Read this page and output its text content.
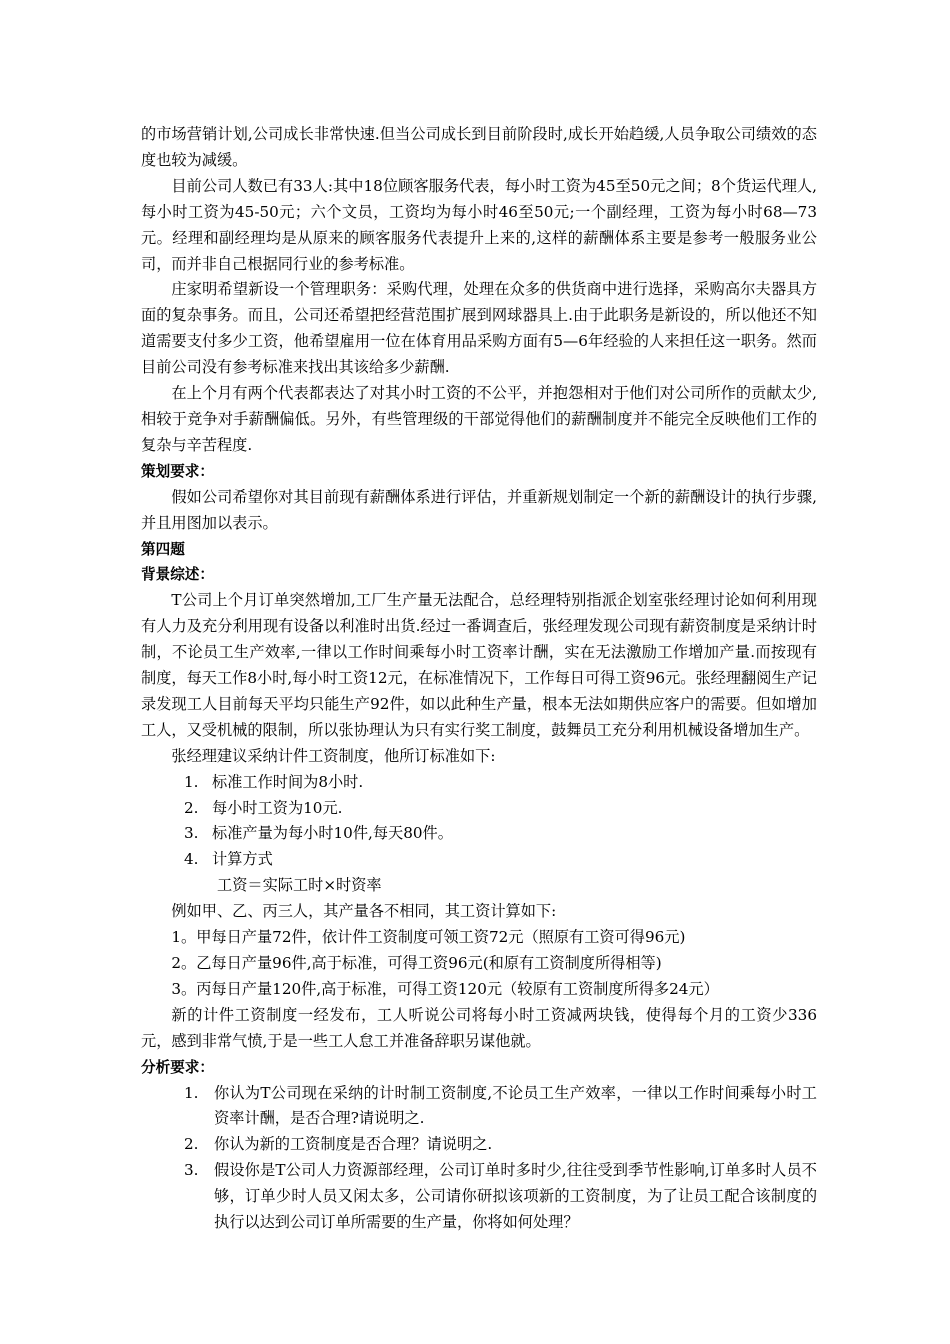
的市场营销计划,公司成长非常快速.但当公司成长到目前阶段时,成长开始趋缓,人员争取公司绩效的态度也较为减缓。

目前公司人数已有33人:其中18位顾客服务代表，每小时工资为45至50元之间；8个货运代理人,每小时工资为45-50元；六个文员，工资均为每小时46至50元;一个副经理，工资为每小时68—73元。经理和副经理均是从原来的顾客服务代表提升上来的,这样的薪酬体系主要是参考一般服务业公司，而并非自己根据同行业的参考标准。

庄家明希望新设一个管理职务：采购代理，处理在众多的供货商中进行选择，采购高尔夫器具方面的复杂事务。而且，公司还希望把经营范围扩展到网球器具上.由于此职务是新设的，所以他还不知道需要支付多少工资，他希望雇用一位在体育用品采购方面有5—6年经验的人来担任这一职务。然而目前公司没有参考标准来找出其该给多少薪酬.

在上个月有两个代表都表达了对其小时工资的不公平，并抱怨相对于他们对公司所作的贡献太少,相较于竞争对手薪酬偏低。另外，有些管理级的干部觉得他们的薪酬制度并不能完全反映他们工作的复杂与辛苦程度.

策划要求：

假如公司希望你对其目前现有薪酬体系进行评估，并重新规划制定一个新的薪酬设计的执行步骤,并且用图加以表示。

第四题

背景综述：

T公司上个月订单突然增加,工厂生产量无法配合，总经理特别指派企划室张经理讨论如何利用现有人力及充分利用现有设备以利准时出货.经过一番调查后，张经理发现公司现有薪资制度是采纳计时制，不论员工生产效率,一律以工作时间乘每小时工资率计酬，实在无法激励工作增加产量.而按现有制度，每天工作8小时,每小时工资12元，在标准情况下，工作每日可得工资96元。张经理翻阅生产记录发现工人目前每天平均只能生产92件，如以此种生产量，根本无法如期供应客户的需要。但如增加工人，又受机械的限制，所以张协理认为只有实行奖工制度，鼓舞员工充分利用机械设备增加生产。

张经理建议采纳计件工资制度，他所订标准如下:

1. 标准工作时间为8小时.
2. 每小时工资为10元.
3. 标准产量为每小时10件,每天80件。
4. 计算方式

工资＝实际工时×时资率

例如甲、乙、丙三人，其产量各不相同，其工资计算如下:

1。甲每日产量72件，依计件工资制度可领工资72元（照原有工资可得96元)

2。乙每日产量96件,高于标准，可得工资96元(和原有工资制度所得相等)

3。丙每日产量120件,高于标准，可得工资120元（较原有工资制度所得多24元）

新的计件工资制度一经发布，工人听说公司将每小时工资减两块钱，使得每个月的工资少336元，感到非常气愤,于是一些工人怠工并准备辞职另谋他就。

分析要求：

1.	你认为T公司现在采纳的计时制工资制度,不论员工生产效率，一律以工作时间乘每小时工资率计酬，是否合理?请说明之.
2.	你认为新的工资制度是否合理？请说明之.
3.	假设你是T公司人力资源部经理，公司订单时多时少,往往受到季节性影响,订单多时人员不够，订单少时人员又闲太多，公司请你研拟该项新的工资制度，为了让员工配合该制度的执行以达到公司订单所需要的生产量，你将如何处理？
